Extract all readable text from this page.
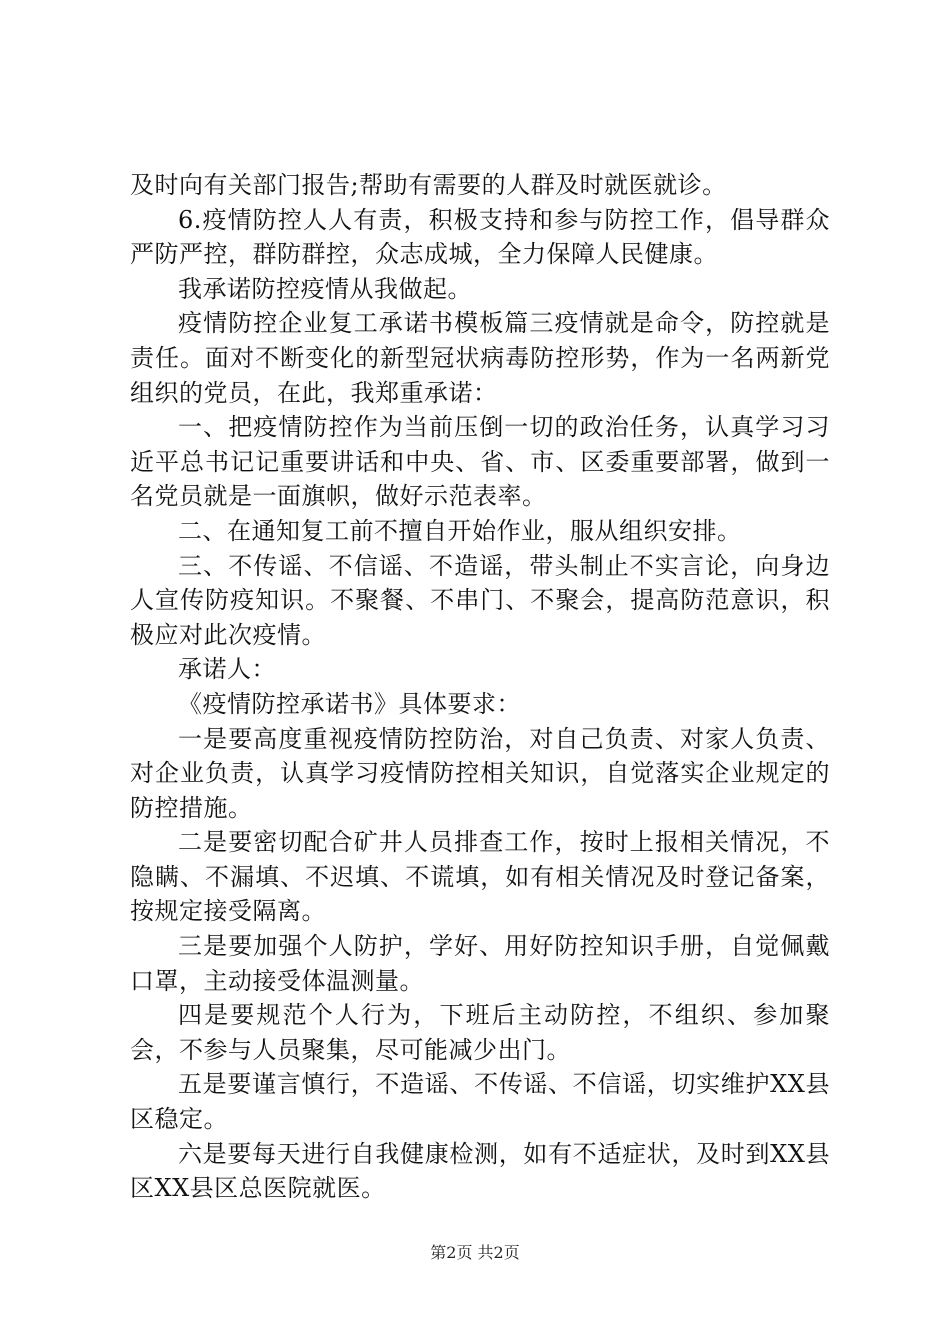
及时向有关部门报告;帮助有需要的人群及时就医就诊。

6.疫情防控人人有责，积极支持和参与防控工作，倡导群众严防严控，群防群控，众志成城，全力保障人民健康。

我承诺防控疫情从我做起。

疫情防控企业复工承诺书模板篇三疫情就是命令，防控就是责任。面对不断变化的新型冠状病毒防控形势，作为一名两新党组织的党员，在此，我郑重承诺：

一、把疫情防控作为当前压倒一切的政治任务，认真学习习近平总书记记重要讲话和中央、省、市、区委重要部署，做到一名党员就是一面旗帜，做好示范表率。

二、在通知复工前不擅自开始作业，服从组织安排。

三、不传谣、不信谣、不造谣，带头制止不实言论，向身边人宣传防疫知识。不聚餐、不串门、不聚会，提高防范意识，积极应对此次疫情。

承诺人：

《疫情防控承诺书》具体要求：

一是要高度重视疫情防控防治，对自己负责、对家人负责、对企业负责，认真学习疫情防控相关知识，自觉落实企业规定的防控措施。

二是要密切配合矿井人员排查工作，按时上报相关情况，不隐瞒、不漏填、不迟填、不谎填，如有相关情况及时登记备案，按规定接受隔离。

三是要加强个人防护，学好、用好防控知识手册，自觉佩戴口罩，主动接受体温测量。

四是要规范个人行为，下班后主动防控，不组织、参加聚会，不参与人员聚集，尽可能减少出门。

五是要谨言慎行，不造谣、不传谣、不信谣，切实维护XX县区稳定。

六是要每天进行自我健康检测，如有不适症状，及时到XX县区XX县区总医院就医。

第2页 共2页
